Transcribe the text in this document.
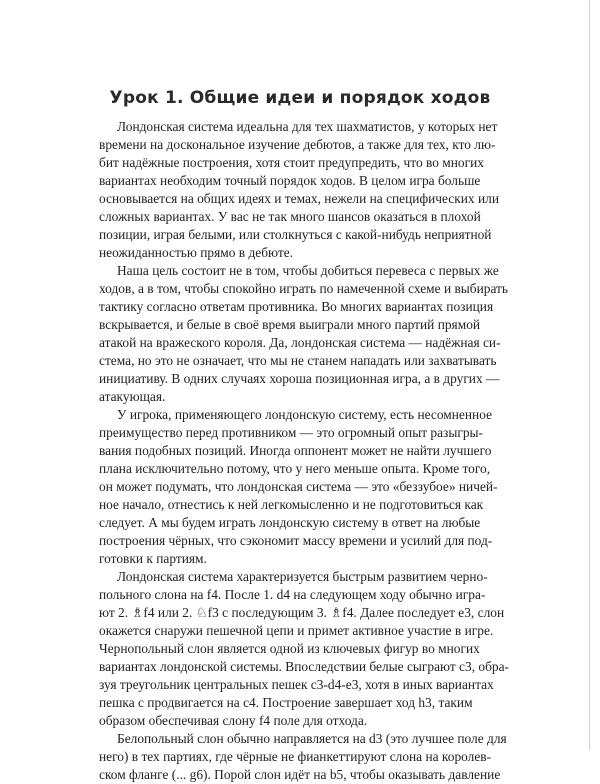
Урок 1. Общие идеи и порядок ходов

Лондонская система идеальна для тех шахматистов, у которых нет
времени на доскональное изучение дебютов, а также для тех, кто лю-
бит надёжные построения, хотя стоит предупредить, что во многих
вариантах необходим точный порядок ходов. В целом игра больше
основывается на общих идеях и темах, нежели на специфических или
сложных вариантах. У вас не так много шансов оказаться в плохой
позиции, играя белыми, или столкнуться с какой-нибудь неприятной
неожиданностью прямо в дебюте.

Наша цель состоит не в том, чтобы добиться перевеса с первых же
ходов, а в том, чтобы спокойно играть по намеченной схеме и выбирать
тактику согласно ответам противника. Во многих вариантах позиция
вскрывается, и белые в своё время выиграли много партий прямой
атакой на вражеского короля. Да, лондонская система — надёжная си-
стема, но это не означает, что мы не станем нападать или захватывать
инициативу. В одних случаях хороша позиционная игра, а в других —
атакующая.

У игрока, применяющего лондонскую систему, есть несомненное
преимущество перед противником — это огромный опыт разыгры-
вания подобных позиций. Иногда оппонент может не найти лучшего
плана исключительно потому, что у него меньше опыта. Кроме того,
он может подумать, что лондонская система — это «беззубое» ничей-
ное начало, отнестись к ней легкомысленно и не подготовиться как
следует. А мы будем играть лондонскую систему в ответ на любые
построения чёрных, что сэкономит массу времени и усилий для под-
готовки к партиям.

Лондонская система характеризуется быстрым развитием черно-
польного слона на f4. После 1. d4 на следующем ходу обычно игра-
ют 2. ♗f4 или 2. ♘f3 с последующим 3. ♗f4. Далее последует e3, слон
окажется снаружи пешечной цепи и примет активное участие в игре.
Чернопольный слон является одной из ключевых фигур во многих
вариантах лондонской системы. Впоследствии белые сыграют c3, обра-
зуя треугольник центральных пешек c3-d4-e3, хотя в иных вариантах
пешка c продвигается на c4. Построение завершает ход h3, таким
образом обеспечивая слону f4 поле для отхода.

Белопольный слон обычно направляется на d3 (это лучшее поле для
него) в тех партиях, где чёрные не фианкеттируют слона на королев-
ском фланге (... g6). Порой слон идёт на b5, чтобы оказывать давление
